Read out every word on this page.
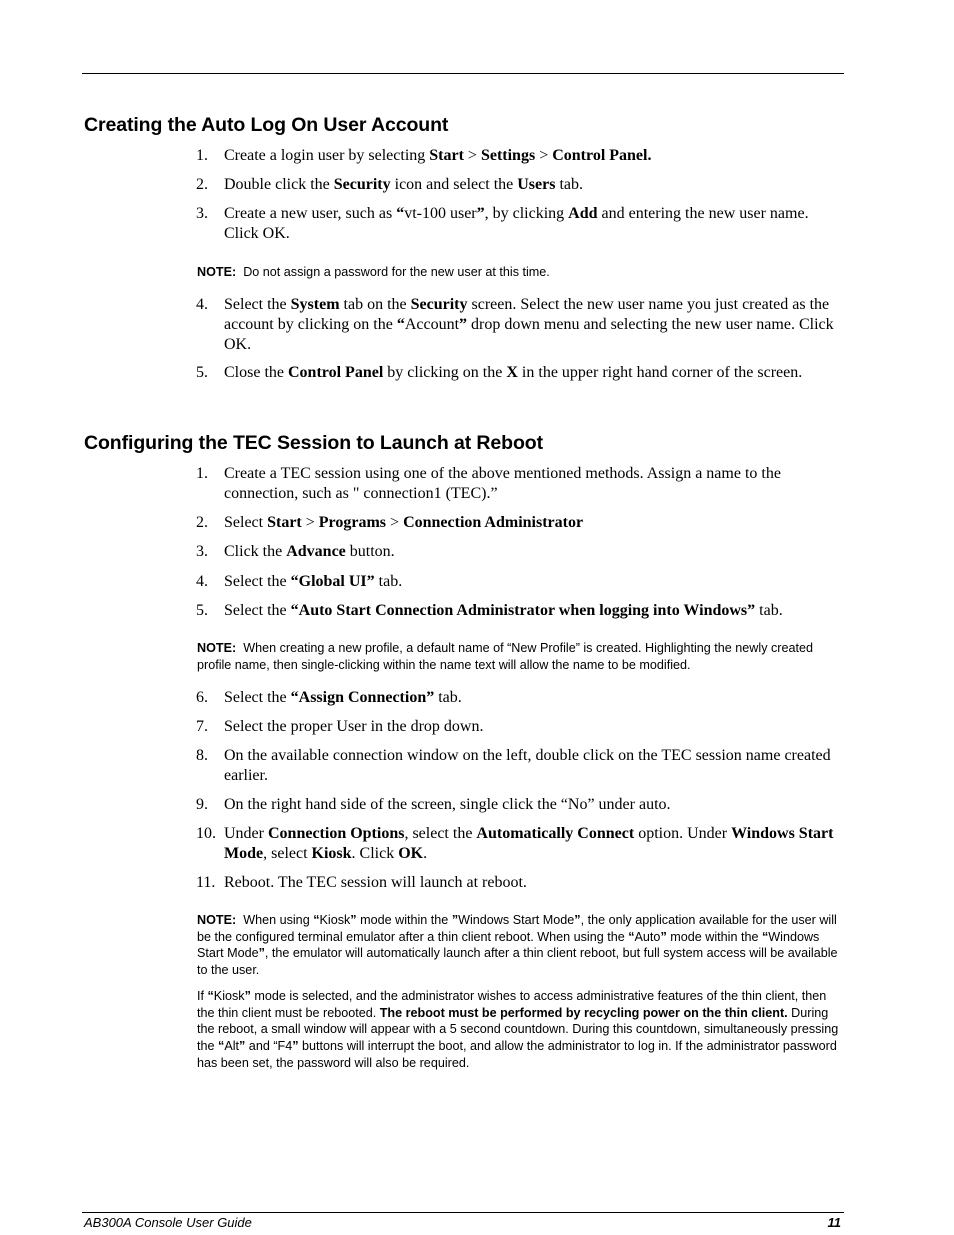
Creating the Auto Log On User Account
1. Create a login user by selecting Start > Settings > Control Panel.
2. Double click the Security icon and select the Users tab.
3. Create a new user, such as “vt-100 user”, by clicking Add and entering the new user name. Click OK.
NOTE: Do not assign a password for the new user at this time.
4. Select the System tab on the Security screen. Select the new user name you just created as the account by clicking on the “Account” drop down menu and selecting the new user name. Click OK.
5. Close the Control Panel by clicking on the X in the upper right hand corner of the screen.
Configuring the TEC Session to Launch at Reboot
1. Create a TEC session using one of the above mentioned methods. Assign a name to the connection, such as " connection1 (TEC).”
2. Select Start > Programs > Connection Administrator
3. Click the Advance button.
4. Select the “Global UI” tab.
5. Select the “Auto Start Connection Administrator when logging into Windows” tab.
NOTE: When creating a new profile, a default name of “New Profile” is created. Highlighting the newly created profile name, then single-clicking within the name text will allow the name to be modified.
6. Select the “Assign Connection” tab.
7. Select the proper User in the drop down.
8. On the available connection window on the left, double click on the TEC session name created earlier.
9. On the right hand side of the screen, single click the “No” under auto.
10. Under Connection Options, select the Automatically Connect option. Under Windows Start Mode, select Kiosk. Click OK.
11. Reboot. The TEC session will launch at reboot.
NOTE: When using “Kiosk” mode within the ”Windows Start Mode”, the only application available for the user will be the configured terminal emulator after a thin client reboot. When using the “Auto” mode within the “Windows Start Mode”, the emulator will automatically launch after a thin client reboot, but full system access will be available to the user.
If “Kiosk” mode is selected, and the administrator wishes to access administrative features of the thin client, then the thin client must be rebooted. The reboot must be performed by recycling power on the thin client. During the reboot, a small window will appear with a 5 second countdown. During this countdown, simultaneously pressing the “Alt” and “F4” buttons will interrupt the boot, and allow the administrator to log in. If the administrator password has been set, the password will also be required.
AB300A Console User Guide	11
